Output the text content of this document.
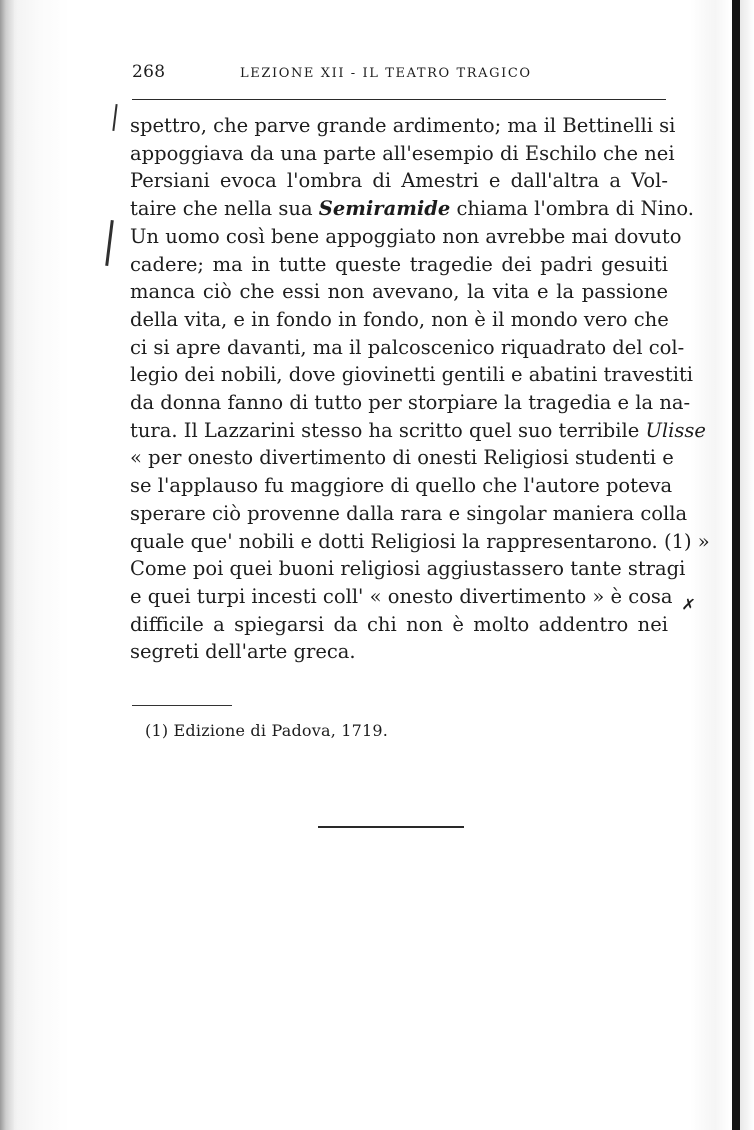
268	LEZIONE XII - IL TEATRO TRAGICO
✗
spettro, che parve grande ardimento; ma il Bettinelli si
appoggiava da una parte all'esempio di Eschilo che nei
Persiani evoca l'ombra di Amestri e dall'altra a Vol-
taire che nella sua Semiramide chiama l'ombra di Nino.
Un uomo così bene appoggiato non avrebbe mai dovuto
cadere; ma in tutte queste tragedie dei padri gesuiti
manca ciò che essi non avevano, la vita e la passione
della vita, e in fondo in fondo, non è il mondo vero che
ci si apre davanti, ma il palcoscenico riquadrato del col-
legio dei nobili, dove giovinetti gentili e abatini travestiti
da donna fanno di tutto per storpiare la tragedia e la na-
tura. Il Lazzarini stesso ha scritto quel suo terribile Ulisse
« per onesto divertimento di onesti Religiosi studenti e
se l'applauso fu maggiore di quello che l'autore poteva
sperare ciò provenne dalla rara e singolar maniera colla
quale que' nobili e dotti Religiosi la rappresentarono. (1) »
Come poi quei buoni religiosi aggiustassero tante stragi
e quei turpi incesti coll' « onesto divertimento » è cosa
difficile a spiegarsi da chi non è molto addentro nei
segreti dell'arte greca.
(1) Edizione di Padova, 1719.
